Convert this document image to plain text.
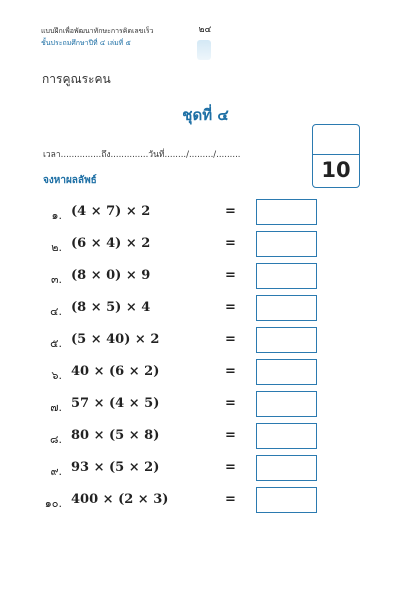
แบบฝึกเพื่อพัฒนาทักษะการคิดเลขเร็ว
ชั้นประถมศึกษาปีที่ ๔ เล่มที่ ๕
๒๔
การคูณระคน
ชุดที่ ๔
เวลา...............ถึง..............วันที่......../........./.........
10
จงหาผลลัพธ์
๑. (4 × 7) × 2	=
๒. (6 × 4) × 2	=
๓. (8 × 0) × 9	=
๔. (8 × 5) × 4	=
๕. (5 × 40) × 2	=
๖. 40 × (6 × 2)	=
๗. 57 × (4 × 5)	=
๘. 80 × (5 × 8)	=
๙. 93 × (5 × 2)	=
๑๐. 400 × (2 × 3)	=
